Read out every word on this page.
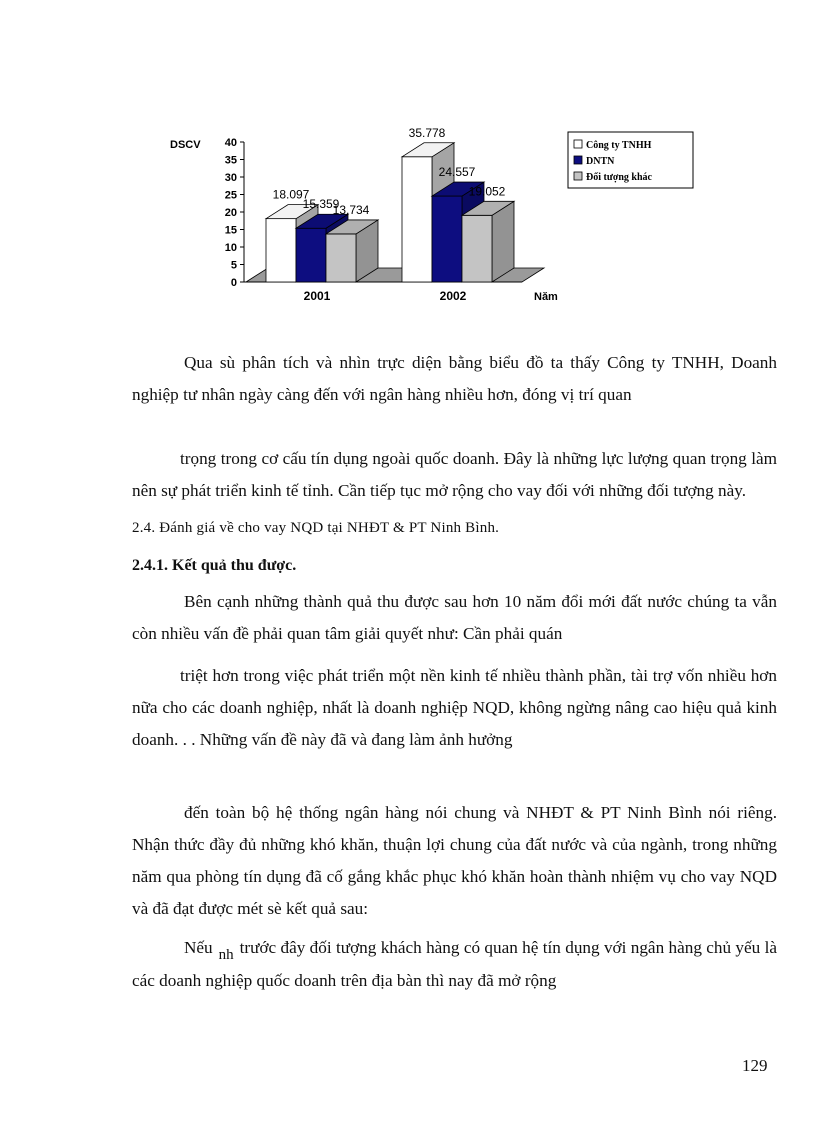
DSCV
0
5
10
15
20
25
30
35
40
18.097
15.359
13.734
2001
35.778
24.557
19.052
2002	Năm
Công ty TNHH
DNTN
Đối tượng khác

Qua sù phân tích và nhìn trực diện bằng biểu đồ ta thấy Công ty TNHH, Doanh nghiệp tư nhân ngày càng đến với ngân hàng nhiều hơn, đóng vị trí quan

trọng trong cơ cấu tín dụng ngoài quốc doanh. Đây là những lực lượng quan trọng làm nên sự phát triển kinh tế tỉnh. Cần tiếp tục mở rộng cho vay đối với những đối tượng này.

2.4. Đánh giá về cho vay NQD tại NHĐT & PT Ninh Bình.

2.4.1. Kết quả thu được.

Bên cạnh những thành quả thu được sau hơn 10 năm đổi mới đất nước chúng ta vẫn còn nhiều vấn đề phải quan tâm giải quyết như: Cần phải quán

triệt hơn trong việc phát triển một nền kinh tế nhiều thành phần, tài trợ vốn nhiều hơn nữa cho các doanh nghiệp, nhất là doanh nghiệp NQD, không ngừng nâng cao hiệu quả kinh doanh. . . Những vấn đề này đã và đang làm ảnh hưởng

đến toàn bộ hệ thống ngân hàng nói chung và NHĐT & PT Ninh Bình nói riêng. Nhận thức đầy đủ những khó khăn, thuận lợi chung của đất nước và của ngành, trong những năm qua phòng tín dụng đã cố gắng khắc phục khó khăn hoàn thành nhiệm vụ cho vay NQD và đã đạt được mét sè kết quả sau:

Nếu nh trước đây đối tượng khách hàng có quan hệ tín dụng với ngân hàng chủ yếu là các doanh nghiệp quốc doanh trên địa bàn thì nay đã mở rộng

129
